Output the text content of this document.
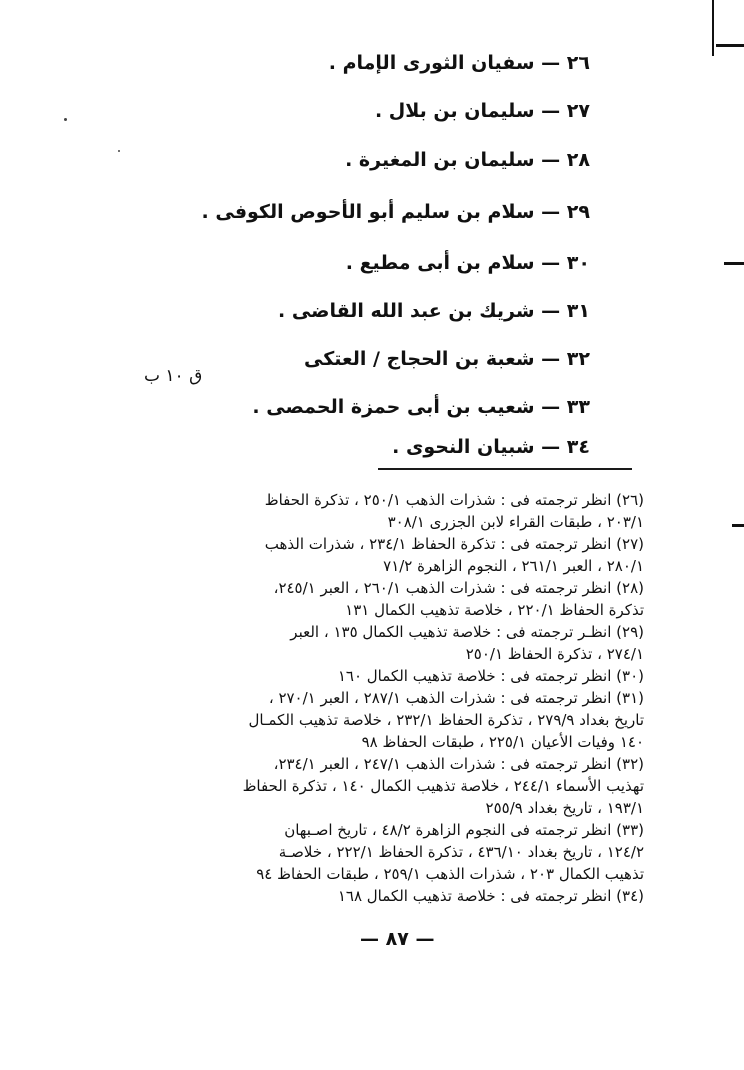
٢٦ — سفيان الثورى الإمام .
٢٧ — سليمان بن بلال .
٢٨ — سليمان بن المغيرة .
٢٩ — سلام بن سليم أبو الأحوص الكوفى .
٣٠ — سلام بن أبى مطيع .
٣١ — شريك بن عبد الله القاضى .
٣٢ — شعبة بن الحجاج / العتكى
٣٣ — شعيب بن أبى حمزة الحمصى .
٣٤ — شبيان النحوى .
ق ١٠ ب
(٢٦) انظر ترجمته فى : شذرات الذهب ٢٥٠/١ ، تذكرة الحفاظ
٢٠٣/١ ، طبقات القراء لابن الجزرى ٣٠٨/١
(٢٧) انظر ترجمته فى : تذكرة الحفاظ ٢٣٤/١ ، شذرات الذهب
٢٨٠/١ ، العبر ٢٦١/١ ، النجوم الزاهرة ٧١/٢
(٢٨) انظر ترجمته فى : شذرات الذهب ٢٦٠/١ ، العبر ٢٤٥/١،
تذكرة الحفاظ ٢٢٠/١ ، خلاصة تذهيب الكمال ١٣١
(٢٩) انظـر ترجمته فى : خلاصة تذهيب الكمال ١٣٥ ، العبر
٢٧٤/١ ، تذكرة الحفاظ ٢٥٠/١
(٣٠) انظر ترجمته فى : خلاصة تذهيب الكمال ١٦٠
(٣١) انظر ترجمته فى : شذرات الذهب ٢٨٧/١ ، العبر ٢٧٠/١ ،
تاريخ بغداد ٢٧٩/٩ ، تذكرة الحفاظ ٢٣٢/١ ، خلاصة تذهيب الكمـال
١٤٠ وفيات الأعيان ٢٢٥/١ ، طبقات الحفاظ ٩٨
(٣٢) انظر ترجمته فى : شذرات الذهب ٢٤٧/١ ، العبر ٢٣٤/١،
تهذيب الأسماء ٢٤٤/١ ، خلاصة تذهيب الكمال ١٤٠ ، تذكرة الحفاظ
١٩٣/١ ، تاريخ بغداد ٢٥٥/٩
(٣٣) انظر ترجمته فى النجوم الزاهرة ٤٨/٢ ، تاريخ اصـبهان
١٢٤/٢ ، تاريخ بغداد ٤٣٦/١٠ ، تذكرة الحفاظ ٢٢٢/١ ، خلاصـة
تذهيب الكمال ٢٠٣ ، شذرات الذهب ٢٥٩/١ ، طبقات الحفاظ ٩٤
(٣٤) انظر ترجمته فى : خلاصة تذهيب الكمال ١٦٨
— ٨٧ —
